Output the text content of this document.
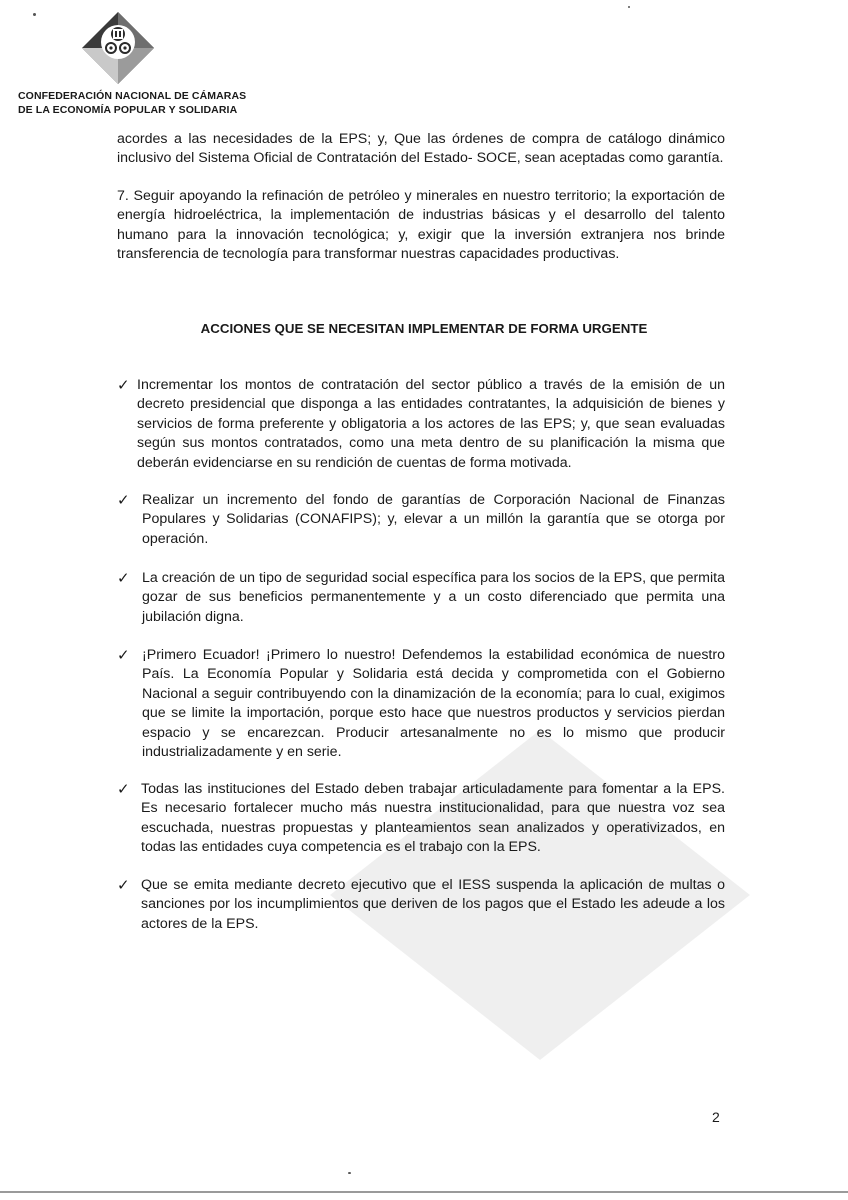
CONFEDERACIÓN NACIONAL DE CÁMARAS
DE LA ECONOMÍA POPULAR Y SOLIDARIA
acordes a las necesidades de la EPS; y, Que las órdenes de compra de catálogo dinámico inclusivo del Sistema Oficial de Contratación del Estado- SOCE, sean aceptadas como garantía.
7. Seguir apoyando la refinación de petróleo y minerales en nuestro territorio; la exportación de energía hidroeléctrica, la implementación de industrias básicas y el desarrollo del talento humano para la innovación tecnológica; y, exigir que la inversión extranjera nos brinde transferencia de tecnología para transformar nuestras capacidades productivas.
ACCIONES QUE SE NECESITAN IMPLEMENTAR DE FORMA URGENTE
✓ Incrementar los montos de contratación del sector público a través de la emisión de un decreto presidencial que disponga a las entidades contratantes, la adquisición de bienes y servicios de forma preferente y obligatoria a los actores de las EPS; y, que sean evaluadas según sus montos contratados, como una meta dentro de su planificación la misma que deberán evidenciarse en su rendición de cuentas de forma motivada.
✓ Realizar un incremento del fondo de garantías de Corporación Nacional de Finanzas Populares y Solidarias (CONAFIPS); y, elevar a un millón la garantía que se otorga por operación.
✓ La creación de un tipo de seguridad social específica para los socios de la EPS, que permita gozar de sus beneficios permanentemente y a un costo diferenciado que permita una jubilación digna.
✓ ¡Primero Ecuador! ¡Primero lo nuestro! Defendemos la estabilidad económica de nuestro País. La Economía Popular y Solidaria está decida y comprometida con el Gobierno Nacional a seguir contribuyendo con la dinamización de la economía; para lo cual, exigimos que se limite la importación, porque esto hace que nuestros productos y servicios pierdan espacio y se encarezcan. Producir artesanalmente no es lo mismo que producir industrializadamente y en serie.
✓ Todas las instituciones del Estado deben trabajar articuladamente para fomentar a la EPS. Es necesario fortalecer mucho más nuestra institucionalidad, para que nuestra voz sea escuchada, nuestras propuestas y planteamientos sean analizados y operativizados, en todas las entidades cuya competencia es el trabajo con la EPS.
✓ Que se emita mediante decreto ejecutivo que el IESS suspenda la aplicación de multas o sanciones por los incumplimientos que deriven de los pagos que el Estado les adeude a los actores de la EPS.
2
